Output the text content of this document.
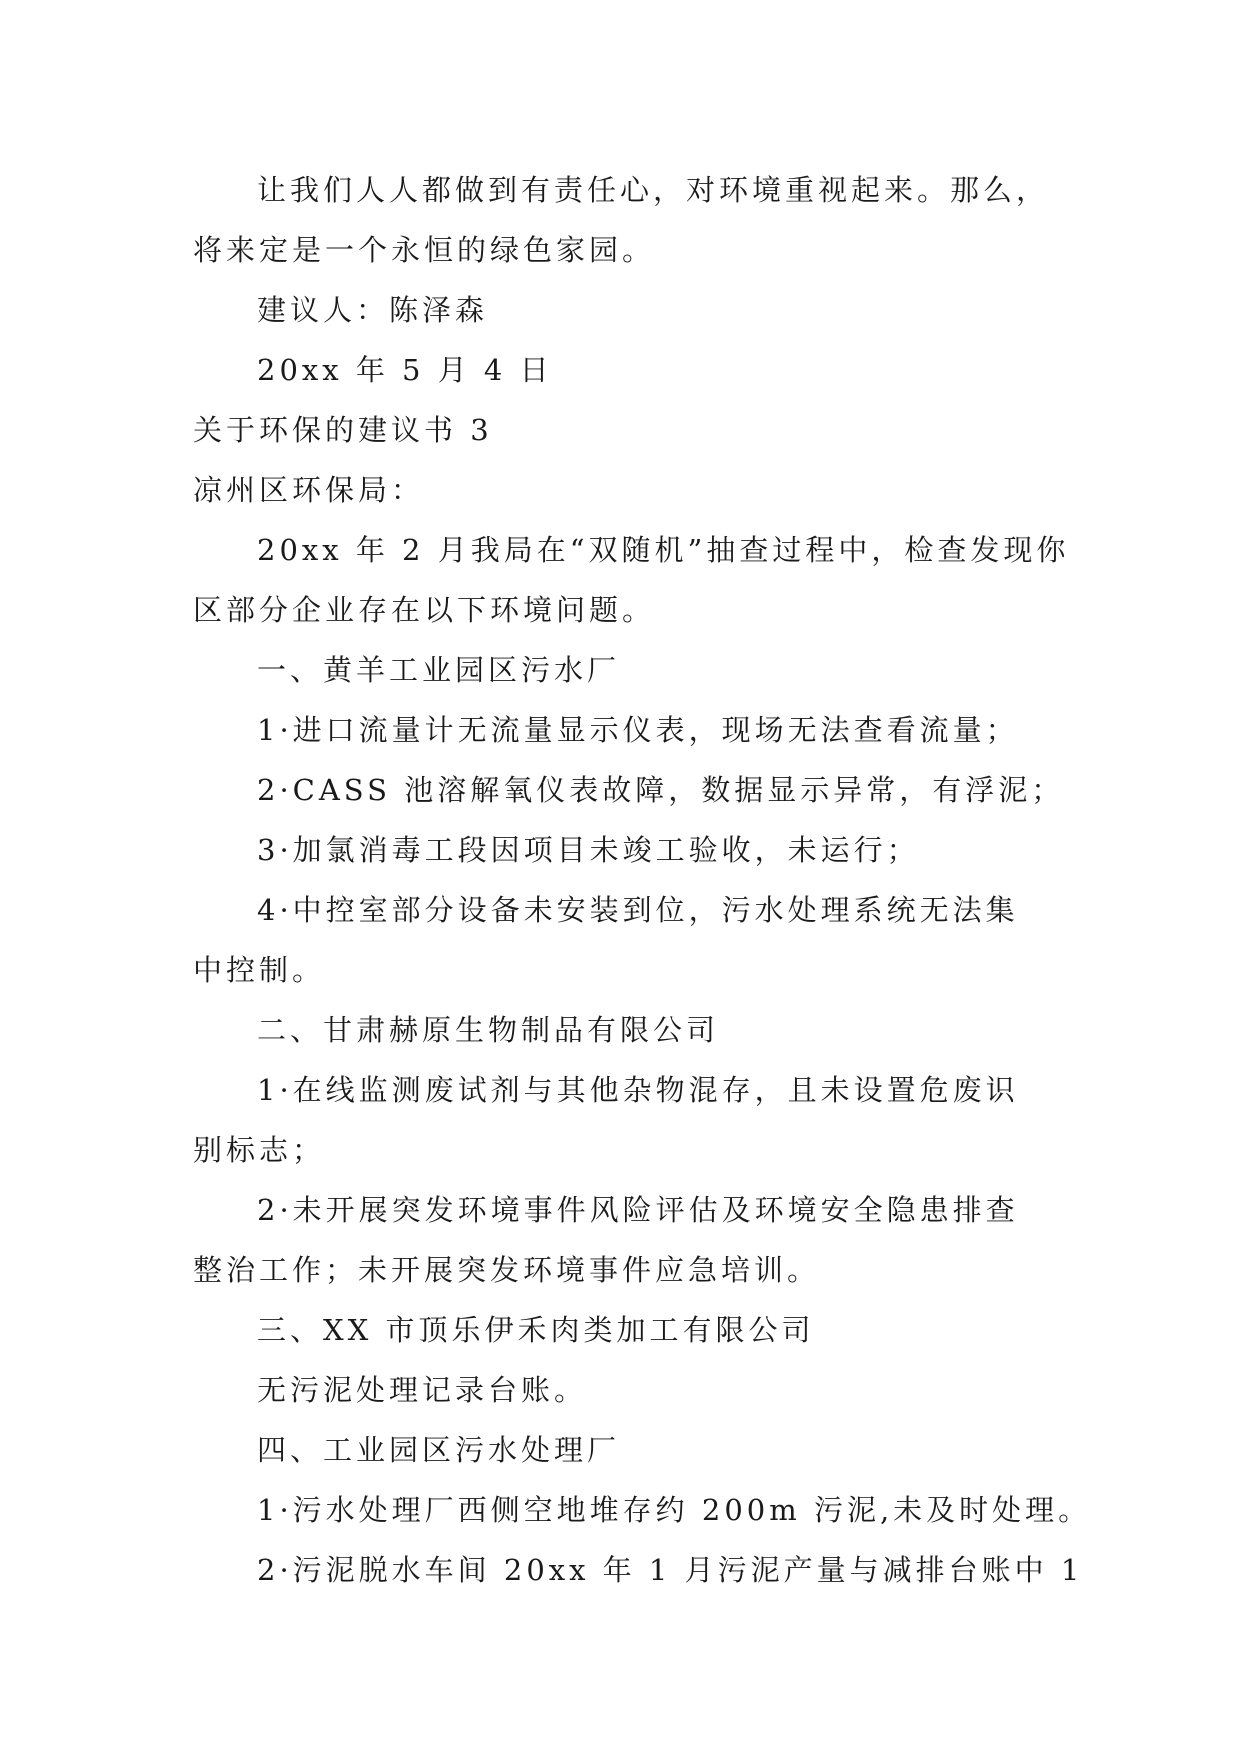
让我们人人都做到有责任心，对环境重视起来。那么，
将来定是一个永恒的绿色家园。
建议人：陈泽森
20xx 年 5 月 4 日
关于环保的建议书 3
凉州区环保局：
20xx 年 2 月我局在“双随机”抽查过程中，检查发现你
区部分企业存在以下环境问题。
一、黄羊工业园区污水厂
1·进口流量计无流量显示仪表，现场无法查看流量；
2·CASS 池溶解氧仪表故障，数据显示异常，有浮泥；
3·加氯消毒工段因项目未竣工验收，未运行；
4·中控室部分设备未安装到位，污水处理系统无法集
中控制。
二、甘肃赫原生物制品有限公司
1·在线监测废试剂与其他杂物混存，且未设置危废识
别标志；
2·未开展突发环境事件风险评估及环境安全隐患排查
整治工作；未开展突发环境事件应急培训。
三、XX 市顶乐伊禾肉类加工有限公司
无污泥处理记录台账。
四、工业园区污水处理厂
1·污水处理厂西侧空地堆存约 200m 污泥,未及时处理。
2·污泥脱水车间 20xx 年 1 月污泥产量与减排台账中 1
